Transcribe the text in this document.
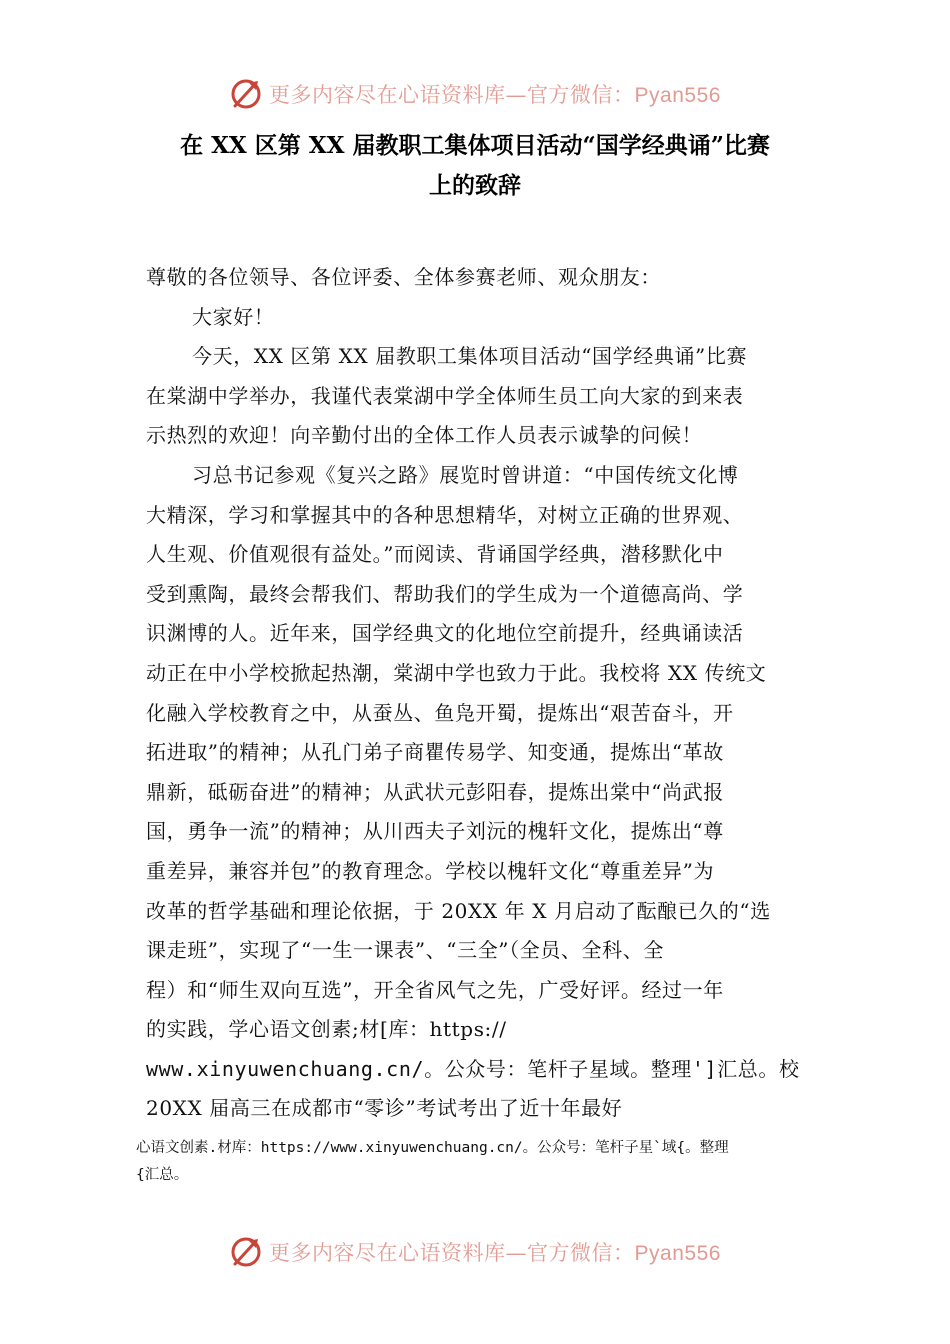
更多内容尽在心语资料库—官方微信：Pyan556
在 XX 区第 XX 届教职工集体项目活动“国学经典诵”比赛
上的致辞
尊敬的各位领导、各位评委、全体参赛老师、观众朋友：
大家好！
今天，XX 区第 XX 届教职工集体项目活动“国学经典诵”比赛
在棠湖中学举办，我谨代表棠湖中学全体师生员工向大家的到来表
示热烈的欢迎！向辛勤付出的全体工作人员表示诚挚的问候！
习总书记参观《复兴之路》展览时曾讲道：“中国传统文化博
大精深，学习和掌握其中的各种思想精华，对树立正确的世界观、
人生观、价值观很有益处。”而阅读、背诵国学经典，潜移默化中
受到熏陶，最终会帮我们、帮助我们的学生成为一个道德高尚、学
识渊博的人。近年来，国学经典文的化地位空前提升，经典诵读活
动正在中小学校掀起热潮，棠湖中学也致力于此。我校将 XX 传统文
化融入学校教育之中，从蚕丛、鱼凫开蜀，提炼出“艰苦奋斗，开
拓进取”的精神；从孔门弟子商瞿传易学、知变通，提炼出“革故
鼎新，砥砺奋进”的精神；从武状元彭阳春，提炼出棠中“尚武报
国，勇争一流”的精神；从川西夫子刘沅的槐轩文化，提炼出“尊
重差异，兼容并包”的教育理念。学校以槐轩文化“尊重差异”为
改革的哲学基础和理论依据，于 20XX 年 X 月启动了酝酿已久的“选
课走班”，实现了“一生一课表”、“三全”（全员、全科、全
程）和“师生双向互选”，开全省风气之先，广受好评。经过一年
的实践，学心语文创素;材[库：https://
www.xinyuwenchuang.cn/。公众号：笔杆子星域。整理']汇总。校
20XX 届高三在成都市“零诊”考试考出了近十年最好
心语文创素.材库：https://www.xinyuwenchuang.cn/。公众号：笔杆子星`域{。整理
{汇总。
更多内容尽在心语资料库—官方微信：Pyan556
